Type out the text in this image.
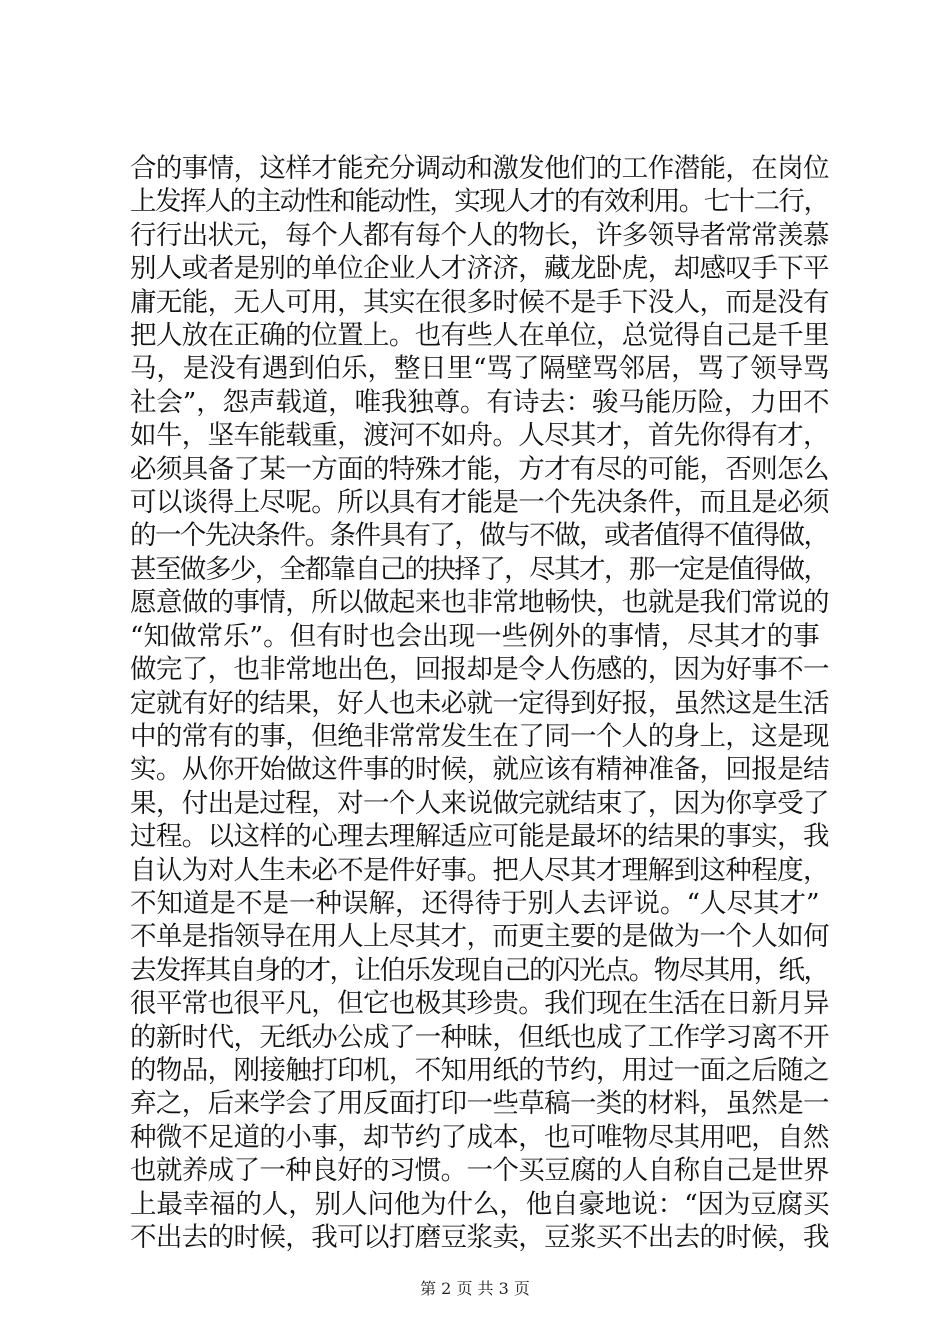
合的事情，这样才能充分调动和激发他们的工作潜能，在岗位
上发挥人的主动性和能动性，实现人才的有效利用。七十二行，
行行出状元，每个人都有每个人的物长，许多领导者常常羡慕
别人或者是别的单位企业人才济济，藏龙卧虎，却感叹手下平
庸无能，无人可用，其实在很多时候不是手下没人，而是没有
把人放在正确的位置上。也有些人在单位，总觉得自己是千里
马，是没有遇到伯乐，整日里“骂了隔壁骂邻居，骂了领导骂
社会”，怨声载道，唯我独尊。有诗去：骏马能历险，力田不
如牛，坚车能载重，渡河不如舟。人尽其才，首先你得有才，
必须具备了某一方面的特殊才能，方才有尽的可能，否则怎么
可以谈得上尽呢。所以具有才能是一个先决条件，而且是必须
的一个先决条件。条件具有了，做与不做，或者值得不值得做，
甚至做多少，全都靠自己的抉择了，尽其才，那一定是值得做，
愿意做的事情，所以做起来也非常地畅快，也就是我们常说的
“知做常乐”。但有时也会出现一些例外的事情，尽其才的事
做完了，也非常地出色，回报却是令人伤感的，因为好事不一
定就有好的结果，好人也未必就一定得到好报，虽然这是生活
中的常有的事，但绝非常常发生在了同一个人的身上，这是现
实。从你开始做这件事的时候，就应该有精神准备，回报是结
果，付出是过程，对一个人来说做完就结束了，因为你享受了
过程。以这样的心理去理解适应可能是最坏的结果的事实，我
自认为对人生未必不是件好事。把人尽其才理解到这种程度，
不知道是不是一种误解，还得待于别人去评说。“人尽其才”
不单是指领导在用人上尽其才，而更主要的是做为一个人如何
去发挥其自身的才，让伯乐发现自己的闪光点。物尽其用，纸，
很平常也很平凡，但它也极其珍贵。我们现在生活在日新月异
的新时代，无纸办公成了一种昧，但纸也成了工作学习离不开
的物品，刚接触打印机，不知用纸的节约，用过一面之后随之
弃之，后来学会了用反面打印一些草稿一类的材料，虽然是一
种微不足道的小事，却节约了成本，也可唯物尽其用吧，自然
也就养成了一种良好的习惯。一个买豆腐的人自称自己是世界
上最幸福的人，别人问他为什么，他自豪地说：“因为豆腐买
不出去的时候，我可以打磨豆浆卖，豆浆买不出去的时候，我
第 2 页 共 3 页
